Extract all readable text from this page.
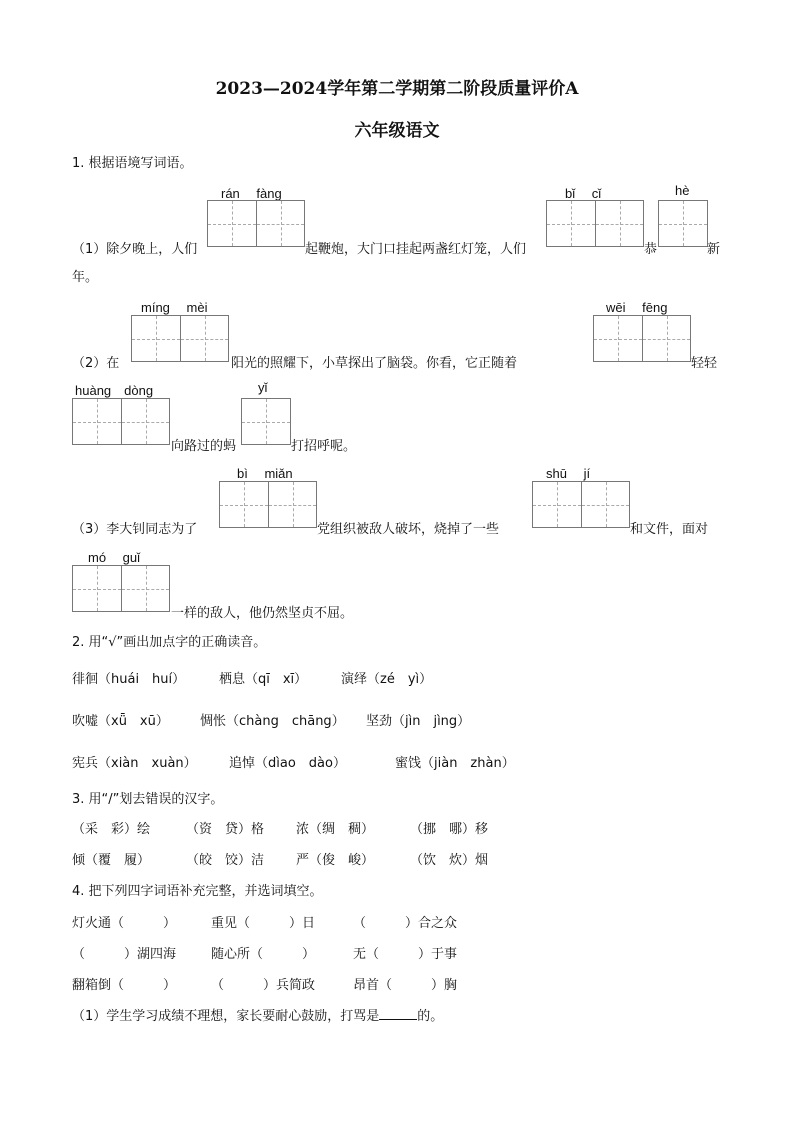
2023—2024学年第二学期第二阶段质量评价A
六年级语文
1. 根据语境写词语。
rán　 fàng	bǐ　 cǐ	hè
（1）除夕晚上，人们	起鞭炮，大门口挂起两盏红灯笼，人们	恭	新
年。
míng　 mèi	wēi　 fēng
（2）在	阳光的照耀下，小草探出了脑袋。你看，它正随着	轻轻
huàng　dòng	yǐ
向路过的蚂	打招呼呢。
bì　 miǎn	shū　 jí
（3）李大钊同志为了	党组织被敌人破坏，烧掉了一些	和文件，面对
mó　 guǐ
一样的敌人，他仍然坚贞不屈。
2. 用“√”画出加点字的正确读音。
徘徊（huái　huí）	栖息（qī　xī）	演绎（zé　yì）
吹嘘（xǖ　xū） 惆怅（chàng　chāng） 坚劲（jìn　jìng）
宪兵（xiàn　xuàn） 追悼（dìao　dào）	蜜饯（jiàn　zhàn）
3. 用“/”划去错误的汉字。
（采　彩）绘	（资　贷）格 浓（绸　稠）	（挪　哪）移
倾（覆　履）	（皎　饺）洁 严（俊　峻）	（饮　炊）烟
4. 把下列四字词语补充完整，并选词填空。
灯火通（　　　）	重见（　　　）日	（　　　）合之众
（　　　）湖四海	随心所（　　　）	无（　　　）于事
翻箱倒（　　　）	（　　　）兵简政	昂首（　　　）胸
（1）学生学习成绩不理想，家长要耐心鼓励，打骂是	的。
